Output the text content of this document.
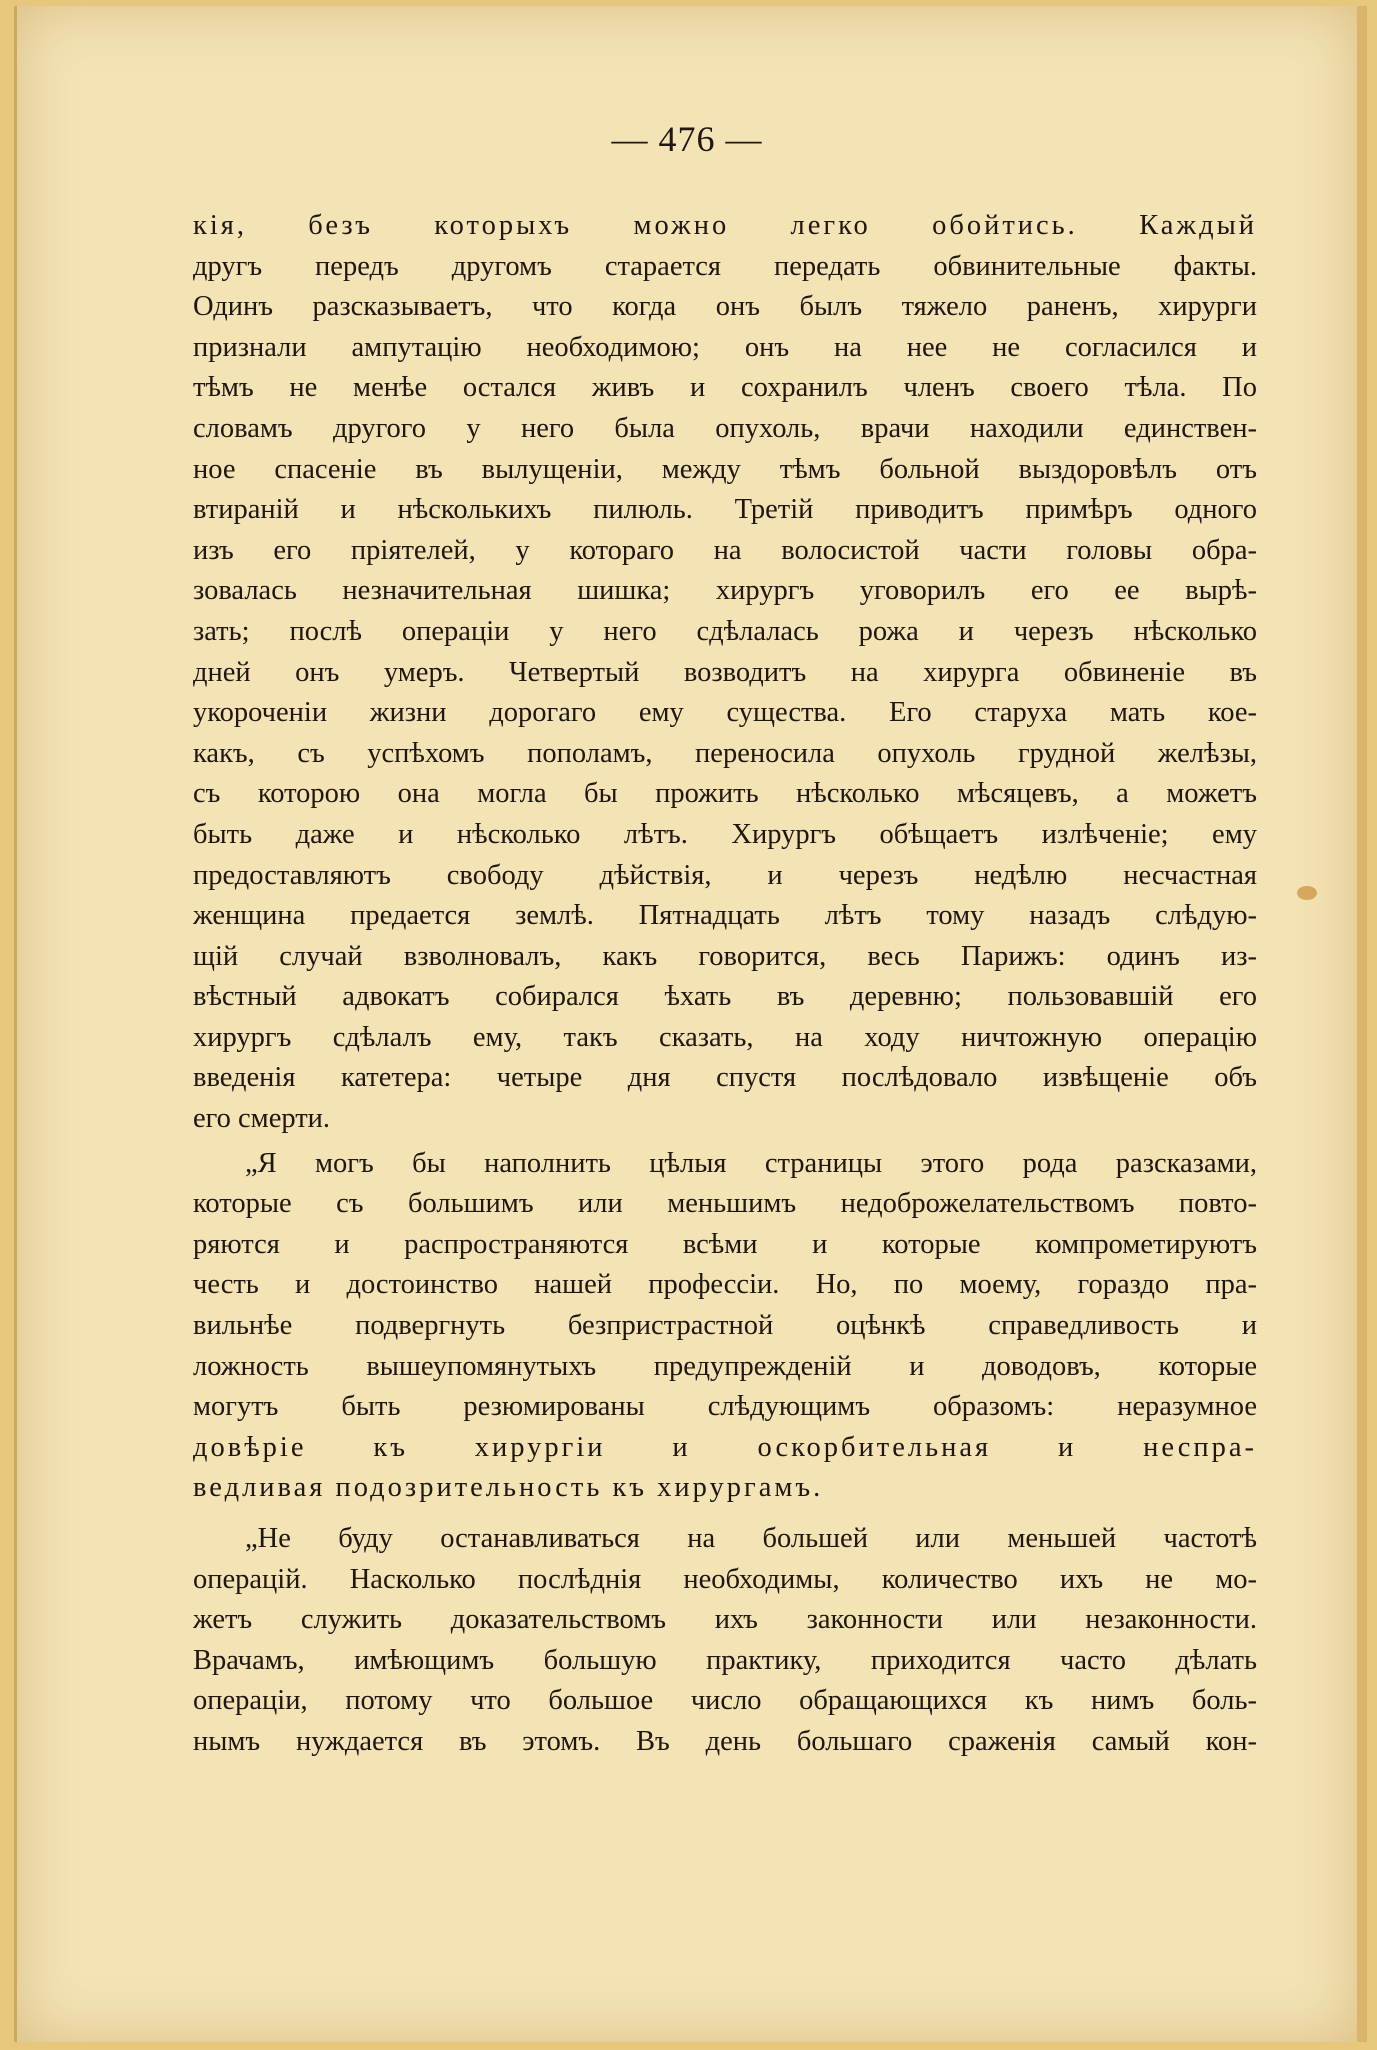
— 476 —
кія, безъ которыхъ можно легко обойтись. Каждый
другъ передъ другомъ старается передать обвинительные факты.
Одинъ разсказываетъ, что когда онъ былъ тяжело раненъ, хирурги
признали ампутацію необходимою; онъ на нее не согласился и
тѣмъ не менѣе остался живъ и сохранилъ членъ своего тѣла. По
словамъ другого у него была опухоль, врачи находили единствен-
ное спасеніе въ вылущеніи, между тѣмъ больной выздоровѣлъ отъ
втираній и нѣсколькихъ пилюль. Третій приводитъ примѣръ одного
изъ его пріятелей, у котораго на волосистой части головы обра-
зовалась незначительная шишка; хирургъ уговорилъ его ее вырѣ-
зать; послѣ операціи у него сдѣлалась рожа и черезъ нѣсколько
дней онъ умеръ. Четвертый возводитъ на хирурга обвиненіе въ
укороченіи жизни дорогаго ему существа. Его старуха мать кое-
какъ, съ успѣхомъ пополамъ, переносила опухоль грудной желѣзы,
съ которою она могла бы прожить нѣсколько мѣсяцевъ, а можетъ
быть даже и нѣсколько лѣтъ. Хирургъ обѣщаетъ излѣченіе; ему
предоставляютъ свободу дѣйствія, и черезъ недѣлю несчастная
женщина предается землѣ. Пятнадцать лѣтъ тому назадъ слѣдую-
щій случай взволновалъ, какъ говорится, весь Парижъ: одинъ из-
вѣстный адвокатъ собирался ѣхать въ деревню; пользовавшій его
хирургъ сдѣлалъ ему, такъ сказать, на ходу ничтожную операцію
введенія катетера: четыре дня спустя послѣдовало извѣщеніе объ
его смерти.
„Я могъ бы наполнить цѣлыя страницы этого рода разсказами,
которые съ большимъ или меньшимъ недоброжелательствомъ повто-
ряются и распространяются всѣми и которые компрометируютъ
честь и достоинство нашей профессіи. Но, по моему, гораздо пра-
вильнѣе подвергнуть безпристрастной оцѣнкѣ справедливость и
ложность вышеупомянутыхъ предупрежденій и доводовъ, которые
могутъ быть резюмированы слѣдующимъ образомъ: неразумное
довѣріе къ хирургіи и оскорбительная и неспра-
ведливая подозрительность къ хирургамъ.
„Не буду останавливаться на большей или меньшей частотѣ
операцій. Насколько послѣднія необходимы, количество ихъ не мо-
жетъ служить доказательствомъ ихъ законности или незаконности.
Врачамъ, имѣющимъ большую практику, приходится часто дѣлать
операціи, потому что большое число обращающихся къ нимъ боль-
нымъ нуждается въ этомъ. Въ день большаго сраженія самый кон-
